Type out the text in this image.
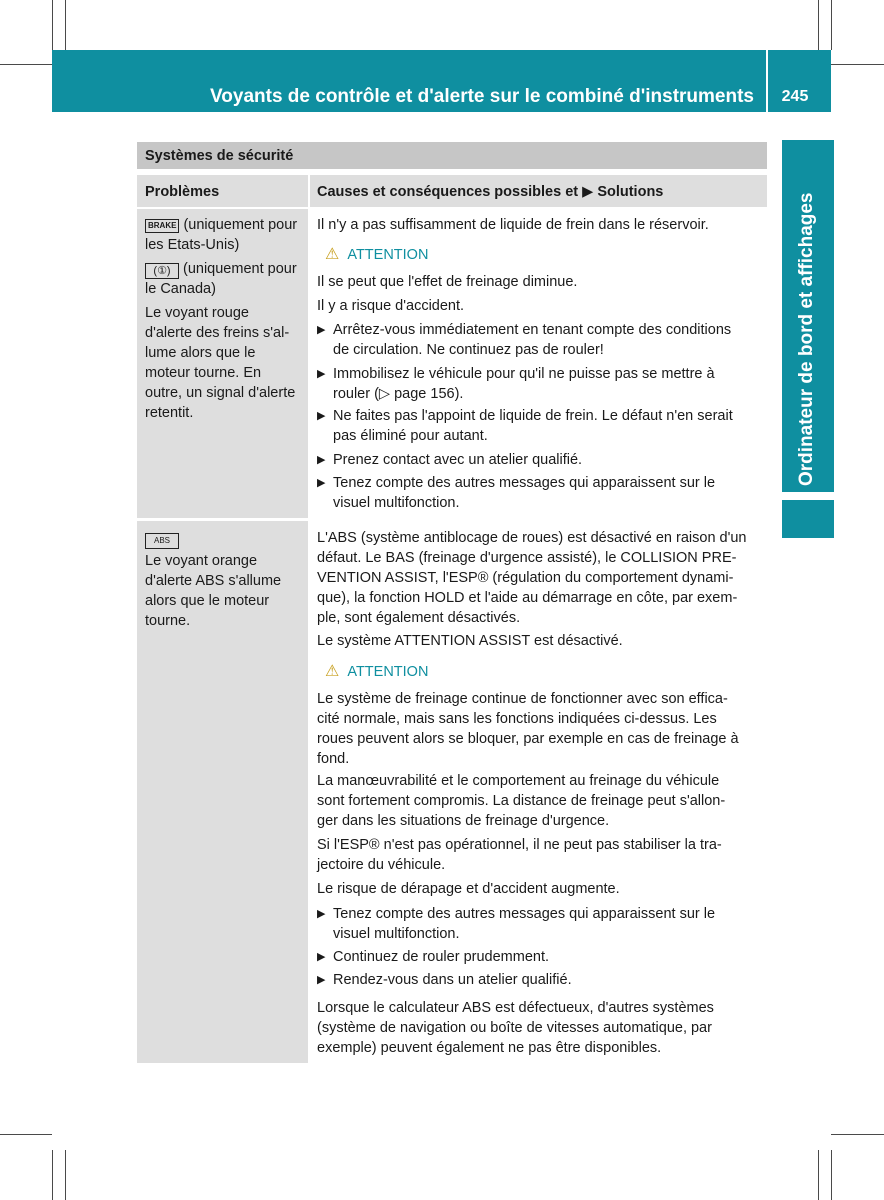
Voyants de contrôle et d'alerte sur le combiné d'instruments	245
Ordinateur de bord et affichages
Systèmes de sécurité
Problèmes	Causes et conséquences possibles et ▶ Solutions
BRAKE (uniquement pour les Etats-Unis)
(①) (uniquement pour le Canada)
Le voyant rouge
d'alerte des freins s'al-
lume alors que le
moteur tourne. En
outre, un signal d'alerte
retentit.
Il n'y a pas suffisamment de liquide de frein dans le réservoir.
⚠ ATTENTION
Il se peut que l'effet de freinage diminue.
Il y a risque d'accident.
▶ Arrêtez-vous immédiatement en tenant compte des conditions
de circulation. Ne continuez pas de rouler!
▶ Immobilisez le véhicule pour qu'il ne puisse pas se mettre à
rouler (▷ page 156).
▶ Ne faites pas l'appoint de liquide de frein. Le défaut n'en serait
pas éliminé pour autant.
▶ Prenez contact avec un atelier qualifié.
▶ Tenez compte des autres messages qui apparaissent sur le
visuel multifonction.
ABS
Le voyant orange
d'alerte ABS s'allume
alors que le moteur
tourne.
L'ABS (système antiblocage de roues) est désactivé en raison d'un
défaut. Le BAS (freinage d'urgence assisté), le COLLISION PRE-
VENTION ASSIST, l'ESP® (régulation du comportement dynami-
que), la fonction HOLD et l'aide au démarrage en côte, par exem-
ple, sont également désactivés.
Le système ATTENTION ASSIST est désactivé.
⚠ ATTENTION
Le système de freinage continue de fonctionner avec son effica-
cité normale, mais sans les fonctions indiquées ci-dessus. Les
roues peuvent alors se bloquer, par exemple en cas de freinage à
fond.
La manœuvrabilité et le comportement au freinage du véhicule
sont fortement compromis. La distance de freinage peut s'allon-
ger dans les situations de freinage d'urgence.
Si l'ESP® n'est pas opérationnel, il ne peut pas stabiliser la tra-
jectoire du véhicule.
Le risque de dérapage et d'accident augmente.
▶ Tenez compte des autres messages qui apparaissent sur le
visuel multifonction.
▶ Continuez de rouler prudemment.
▶ Rendez-vous dans un atelier qualifié.
Lorsque le calculateur ABS est défectueux, d'autres systèmes
(système de navigation ou boîte de vitesses automatique, par
exemple) peuvent également ne pas être disponibles.
